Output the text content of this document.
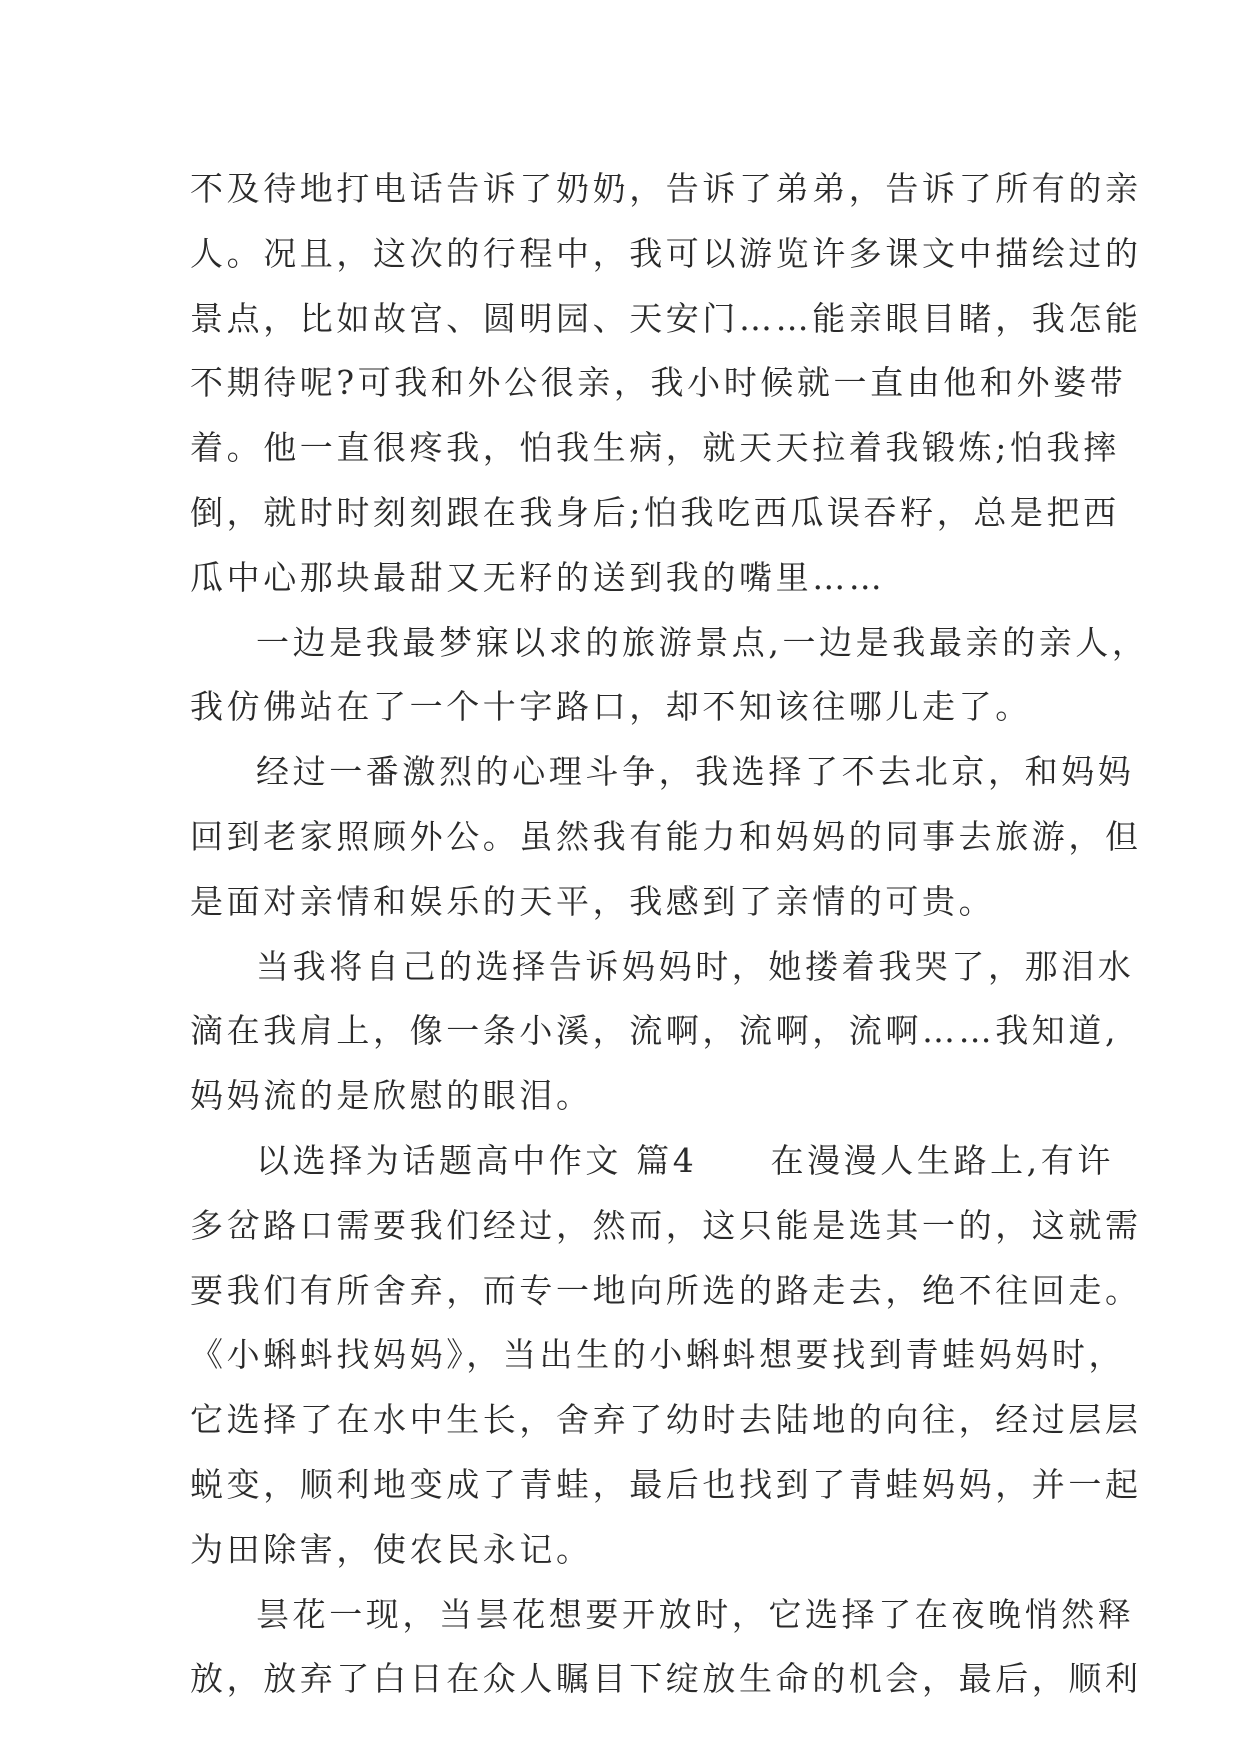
不及待地打电话告诉了奶奶，告诉了弟弟，告诉了所有的亲
人。况且，这次的行程中，我可以游览许多课文中描绘过的
景点，比如故宫、圆明园、天安门……能亲眼目睹，我怎能
不期待呢?可我和外公很亲，我小时候就一直由他和外婆带
着。他一直很疼我，怕我生病，就天天拉着我锻炼;怕我摔
倒，就时时刻刻跟在我身后;怕我吃西瓜误吞籽，总是把西
瓜中心那块最甜又无籽的送到我的嘴里……
一边是我最梦寐以求的旅游景点,一边是我最亲的亲人，
我仿佛站在了一个十字路口，却不知该往哪儿走了。
经过一番激烈的心理斗争，我选择了不去北京，和妈妈
回到老家照顾外公。虽然我有能力和妈妈的同事去旅游，但
是面对亲情和娱乐的天平，我感到了亲情的可贵。
当我将自己的选择告诉妈妈时，她搂着我哭了，那泪水
滴在我肩上，像一条小溪，流啊，流啊，流啊……我知道,
妈妈流的是欣慰的眼泪。
以选择为话题高中作文 篇4　　在漫漫人生路上,有许
多岔路口需要我们经过，然而，这只能是选其一的，这就需
要我们有所舍弃，而专一地向所选的路走去，绝不往回走。
《小蝌蚪找妈妈》，当出生的小蝌蚪想要找到青蛙妈妈时，
它选择了在水中生长，舍弃了幼时去陆地的向往，经过层层
蜕变，顺利地变成了青蛙，最后也找到了青蛙妈妈，并一起
为田除害，使农民永记。
昙花一现，当昙花想要开放时，它选择了在夜晚悄然释
放，放弃了白日在众人瞩目下绽放生命的机会，最后，顺利
